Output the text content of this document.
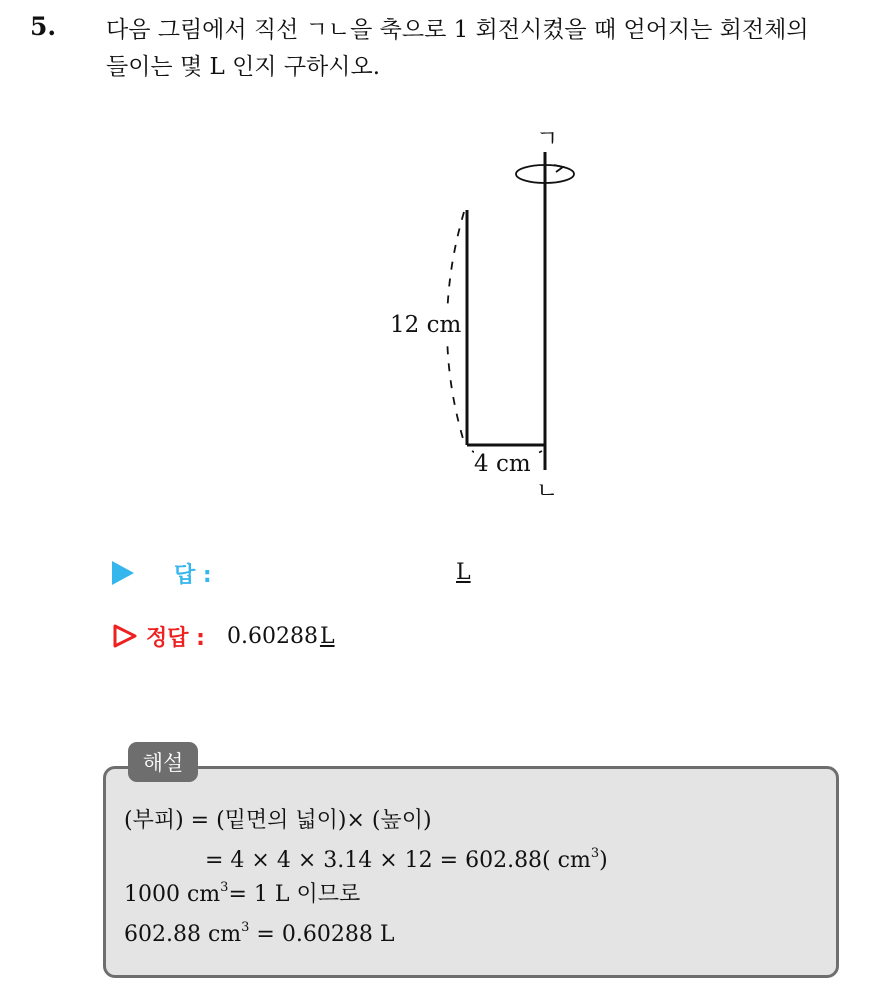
5. 다음 그림에서 직선 ㄱㄴ을 축으로 1 회전시켰을 때 얻어지는 회전체의
들이는 몇 L 인지 구하시오.
ㄱ
12 cm
4 cm
ㄴ
답 :	L
정답 : 0.60288 L
해설
(부피) = (밑면의 넓이)× (높이)
= 4 × 4 × 3.14 × 12 = 602.88( $cm^3$)
1000 $cm^3= 1$ L 이므로
602.88 $cm^3 = 0.60288$ L
